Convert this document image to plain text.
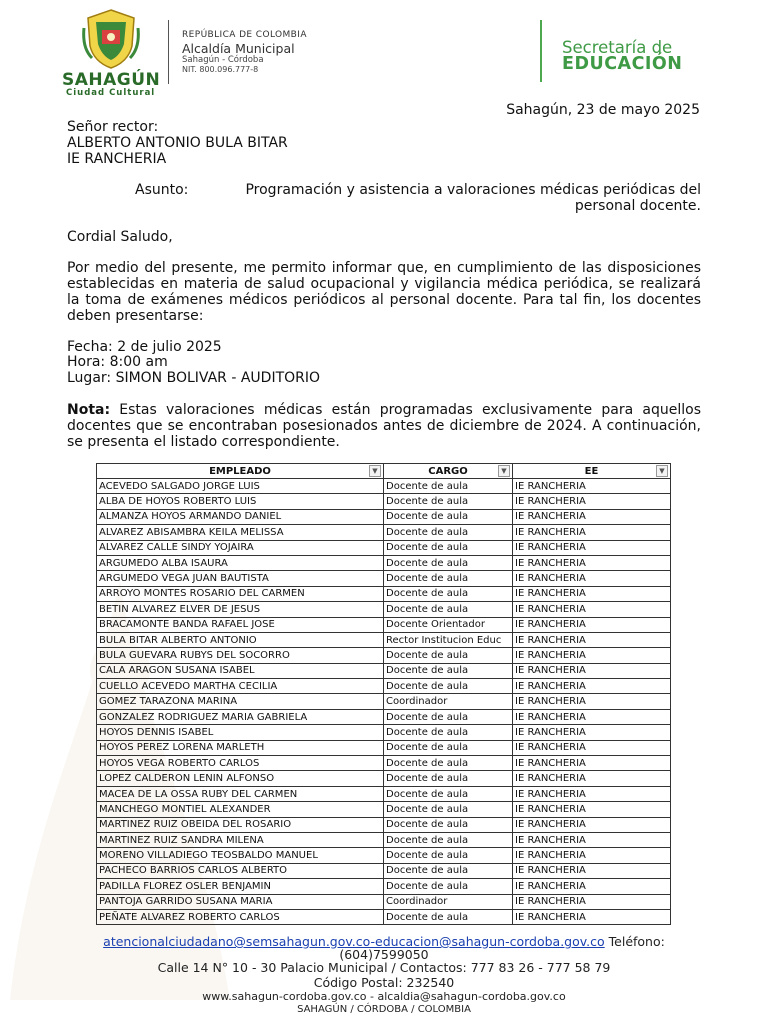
SAHAGÚN
Ciudad Cultural
REPÚBLICA DE COLOMBIA
Alcaldía Municipal
Sahagún - Córdoba
NIT. 800.096.777-8
Secretaría de
EDUCACIÓN
Sahagún, 23 de mayo 2025
Señor rector:
ALBERTO ANTONIO BULA BITAR
IE RANCHERIA
Asunto:	Programación y asistencia a valoraciones médicas periódicas del
personal docente.
Cordial Saludo,
Por medio del presente, me permito informar que, en cumplimiento de las disposiciones establecidas en materia de salud ocupacional y vigilancia médica periódica, se realizará la toma de exámenes médicos periódicos al personal docente. Para tal fin, los docentes deben presentarse:
Fecha: 2 de julio 2025
Hora: 8:00 am
Lugar: SIMON BOLIVAR - AUDITORIO
Nota: Estas valoraciones médicas están programadas exclusivamente para aquellos docentes que se encontraban posesionados antes de diciembre de 2024. A continuación, se presenta el listado correspondiente.
EMPLEADO ▼	CARGO ▼	EE ▼

ACEVEDO SALGADO JORGE LUIS	Docente de aula	IE RANCHERIA
ALBA DE HOYOS ROBERTO LUIS	Docente de aula	IE RANCHERIA
ALMANZA HOYOS ARMANDO DANIEL	Docente de aula	IE RANCHERIA
ALVAREZ ABISAMBRA KEILA MELISSA	Docente de aula	IE RANCHERIA
ALVAREZ CALLE SINDY YOJAIRA	Docente de aula	IE RANCHERIA
ARGUMEDO ALBA ISAURA	Docente de aula	IE RANCHERIA
ARGUMEDO VEGA JUAN BAUTISTA	Docente de aula	IE RANCHERIA
ARROYO MONTES ROSARIO DEL CARMEN	Docente de aula	IE RANCHERIA
BETIN ALVAREZ ELVER DE JESUS	Docente de aula	IE RANCHERIA
BRACAMONTE BANDA RAFAEL JOSE	Docente Orientador	IE RANCHERIA
BULA BITAR ALBERTO ANTONIO	Rector Institucion Educ	IE RANCHERIA
BULA GUEVARA RUBYS DEL SOCORRO	Docente de aula	IE RANCHERIA
CALA ARAGON SUSANA ISABEL	Docente de aula	IE RANCHERIA
CUELLO ACEVEDO MARTHA CECILIA	Docente de aula	IE RANCHERIA
GOMEZ TARAZONA MARINA	Coordinador	IE RANCHERIA
GONZALEZ RODRIGUEZ MARIA GABRIELA	Docente de aula	IE RANCHERIA
HOYOS DENNIS ISABEL	Docente de aula	IE RANCHERIA
HOYOS PEREZ LORENA MARLETH	Docente de aula	IE RANCHERIA
HOYOS VEGA ROBERTO CARLOS	Docente de aula	IE RANCHERIA
LOPEZ CALDERON LENIN ALFONSO	Docente de aula	IE RANCHERIA
MACEA DE LA OSSA RUBY DEL CARMEN	Docente de aula	IE RANCHERIA
MANCHEGO MONTIEL ALEXANDER	Docente de aula	IE RANCHERIA
MARTINEZ RUIZ OBEIDA DEL ROSARIO	Docente de aula	IE RANCHERIA
MARTINEZ RUIZ SANDRA MILENA	Docente de aula	IE RANCHERIA
MORENO VILLADIEGO TEOSBALDO MANUEL	Docente de aula	IE RANCHERIA
PACHECO BARRIOS CARLOS ALBERTO	Docente de aula	IE RANCHERIA
PADILLA FLOREZ OSLER BENJAMIN	Docente de aula	IE RANCHERIA
PANTOJA GARRIDO SUSANA MARIA	Coordinador	IE RANCHERIA
PEÑATE ALVAREZ ROBERTO CARLOS	Docente de aula	IE RANCHERIA
atencionalciudadano@semsahagun.gov.co-educacion@sahagun-cordoba.gov.co Teléfono:
(604)7599050
Calle 14 N° 10 - 30 Palacio Municipal / Contactos: 777 83 26 - 777 58 79
Código Postal: 232540
www.sahagun-cordoba.gov.co - alcaldia@sahagun-cordoba.gov.co
SAHAGÚN / CÓRDOBA / COLOMBIA
